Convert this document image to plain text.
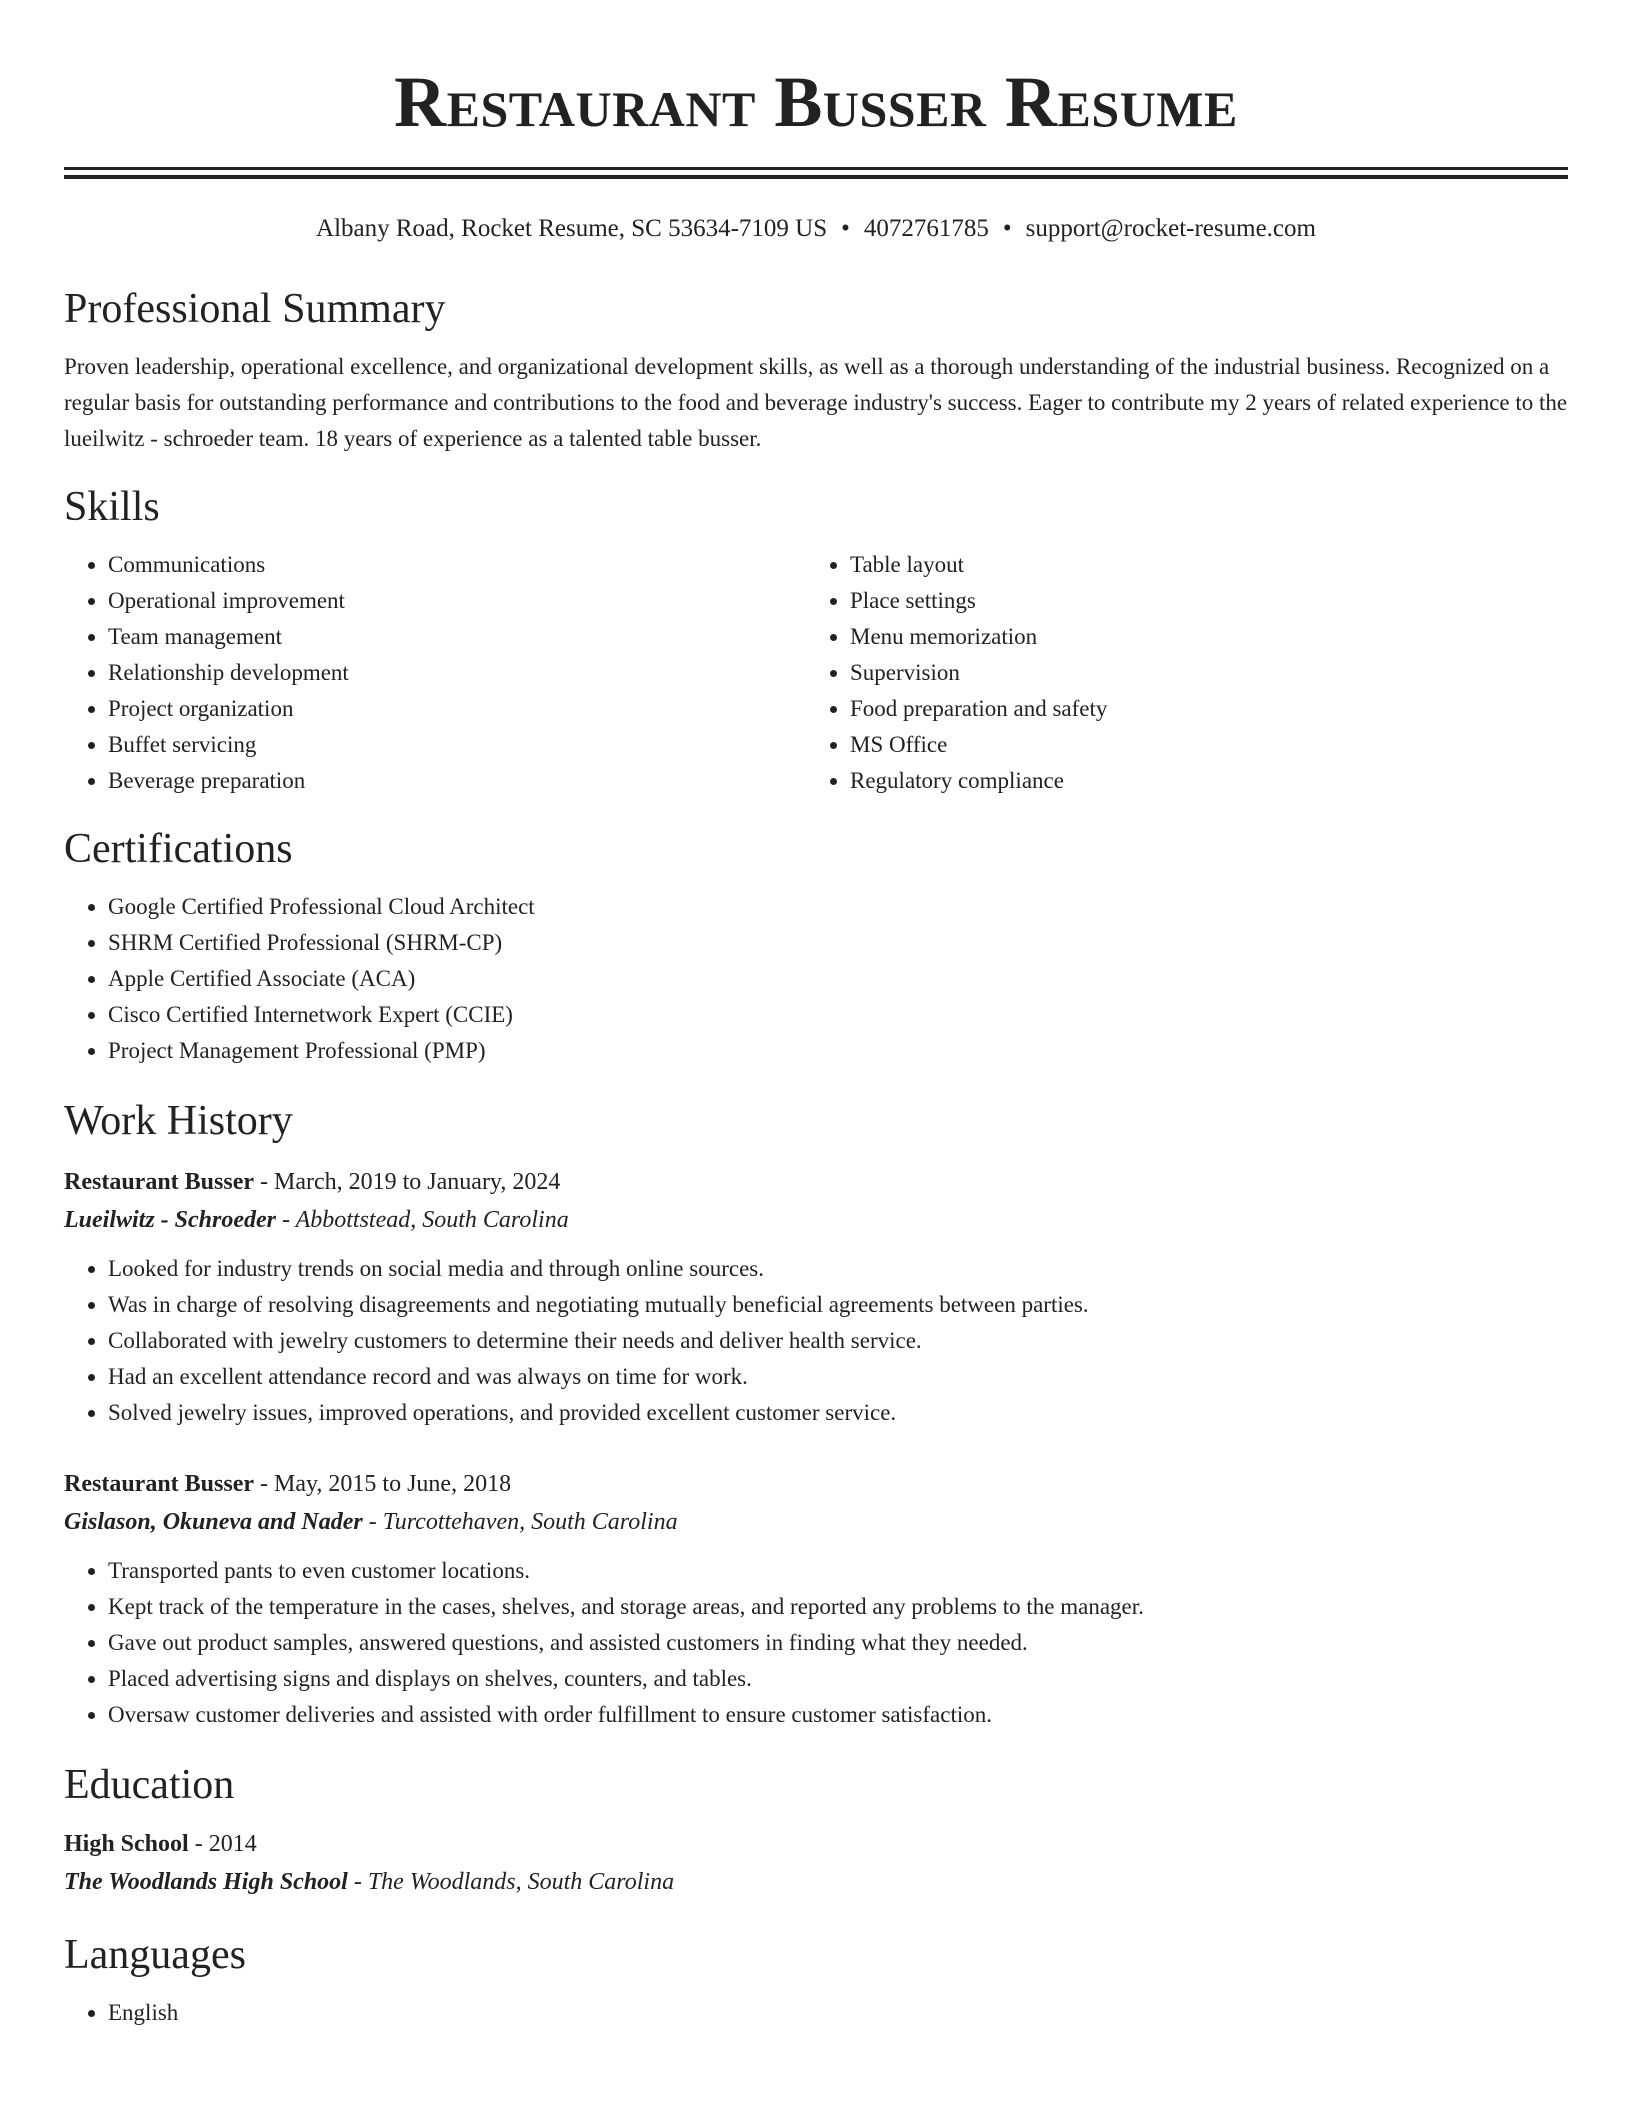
Restaurant Busser Resume
Albany Road, Rocket Resume, SC 53634-7109 US • 4072761785 • support@rocket-resume.com
Professional Summary

Proven leadership, operational excellence, and organizational development skills, as well as a thorough understanding of the industrial business. Recognized on a regular basis for outstanding performance and contributions to the food and beverage industry's success. Eager to contribute my 2 years of related experience to the lueilwitz - schroeder team. 18 years of experience as a talented table busser.

Skills
• Communications
• Operational improvement
• Team management
• Relationship development
• Project organization
• Buffet servicing
• Beverage preparation
• Table layout
• Place settings
• Menu memorization
• Supervision
• Food preparation and safety
• MS Office
• Regulatory compliance
Certifications
• Google Certified Professional Cloud Architect
• SHRM Certified Professional (SHRM-CP)
• Apple Certified Associate (ACA)
• Cisco Certified Internetwork Expert (CCIE)
• Project Management Professional (PMP)
Work History
Restaurant Busser - March, 2019 to January, 2024
Lueilwitz - Schroeder - Abbottstead, South Carolina
• Looked for industry trends on social media and through online sources.
• Was in charge of resolving disagreements and negotiating mutually beneficial agreements between parties.
• Collaborated with jewelry customers to determine their needs and deliver health service.
• Had an excellent attendance record and was always on time for work.
• Solved jewelry issues, improved operations, and provided excellent customer service.
Restaurant Busser - May, 2015 to June, 2018
Gislason, Okuneva and Nader - Turcottehaven, South Carolina
• Transported pants to even customer locations.
• Kept track of the temperature in the cases, shelves, and storage areas, and reported any problems to the manager.
• Gave out product samples, answered questions, and assisted customers in finding what they needed.
• Placed advertising signs and displays on shelves, counters, and tables.
• Oversaw customer deliveries and assisted with order fulfillment to ensure customer satisfaction.
Education
High School - 2014
The Woodlands High School - The Woodlands, South Carolina
Languages
• English
